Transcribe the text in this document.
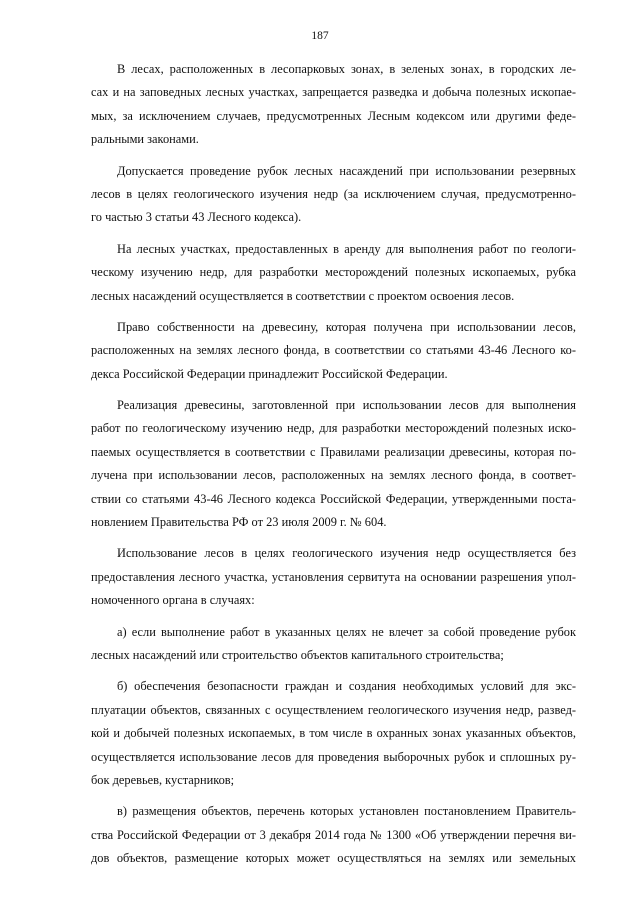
187
В лесах, расположенных в лесопарковых зонах, в зеленых зонах, в городских ле-
сах и на заповедных лесных участках, запрещается разведка и добыча полезных ископае-
мых, за исключением случаев, предусмотренных Лесным кодексом или другими феде-
ральными законами.
Допускается проведение рубок лесных насаждений при использовании резервных
лесов в целях геологического изучения недр (за исключением случая, предусмотренно-
го частью 3 статьи 43 Лесного кодекса).
На лесных участках, предоставленных в аренду для выполнения работ по геологи-
ческому изучению недр, для разработки месторождений полезных ископаемых, рубка
лесных насаждений осуществляется в соответствии с проектом освоения лесов.
Право собственности на древесину, которая получена при использовании лесов,
расположенных на землях лесного фонда, в соответствии со статьями 43-46 Лесного ко-
декса Российской Федерации принадлежит Российской Федерации.
Реализация древесины, заготовленной при использовании лесов для выполнения
работ по геологическому изучению недр, для разработки месторождений полезных иско-
паемых осуществляется в соответствии с Правилами реализации древесины, которая по-
лучена при использовании лесов, расположенных на землях лесного фонда, в соответ-
ствии со статьями 43-46 Лесного кодекса Российской Федерации, утвержденными поста-
новлением Правительства РФ от 23 июля 2009 г. № 604.
Использование лесов в целях геологического изучения недр осуществляется без
предоставления лесного участка, установления сервитута на основании разрешения упол-
номоченного органа в случаях:
а) если выполнение работ в указанных целях не влечет за собой проведение рубок
лесных насаждений или строительство объектов капитального строительства;
б) обеспечения безопасности граждан и создания необходимых условий для экс-
плуатации объектов, связанных с осуществлением геологического изучения недр, развед-
кой и добычей полезных ископаемых, в том числе в охранных зонах указанных объектов,
осуществляется использование лесов для проведения выборочных рубок и сплошных ру-
бок деревьев, кустарников;
в) размещения объектов, перечень которых установлен постановлением Правитель-
ства Российской Федерации от 3 декабря 2014 года № 1300 «Об утверждении перечня ви-
дов объектов, размещение которых может осуществляться на землях или земельных
